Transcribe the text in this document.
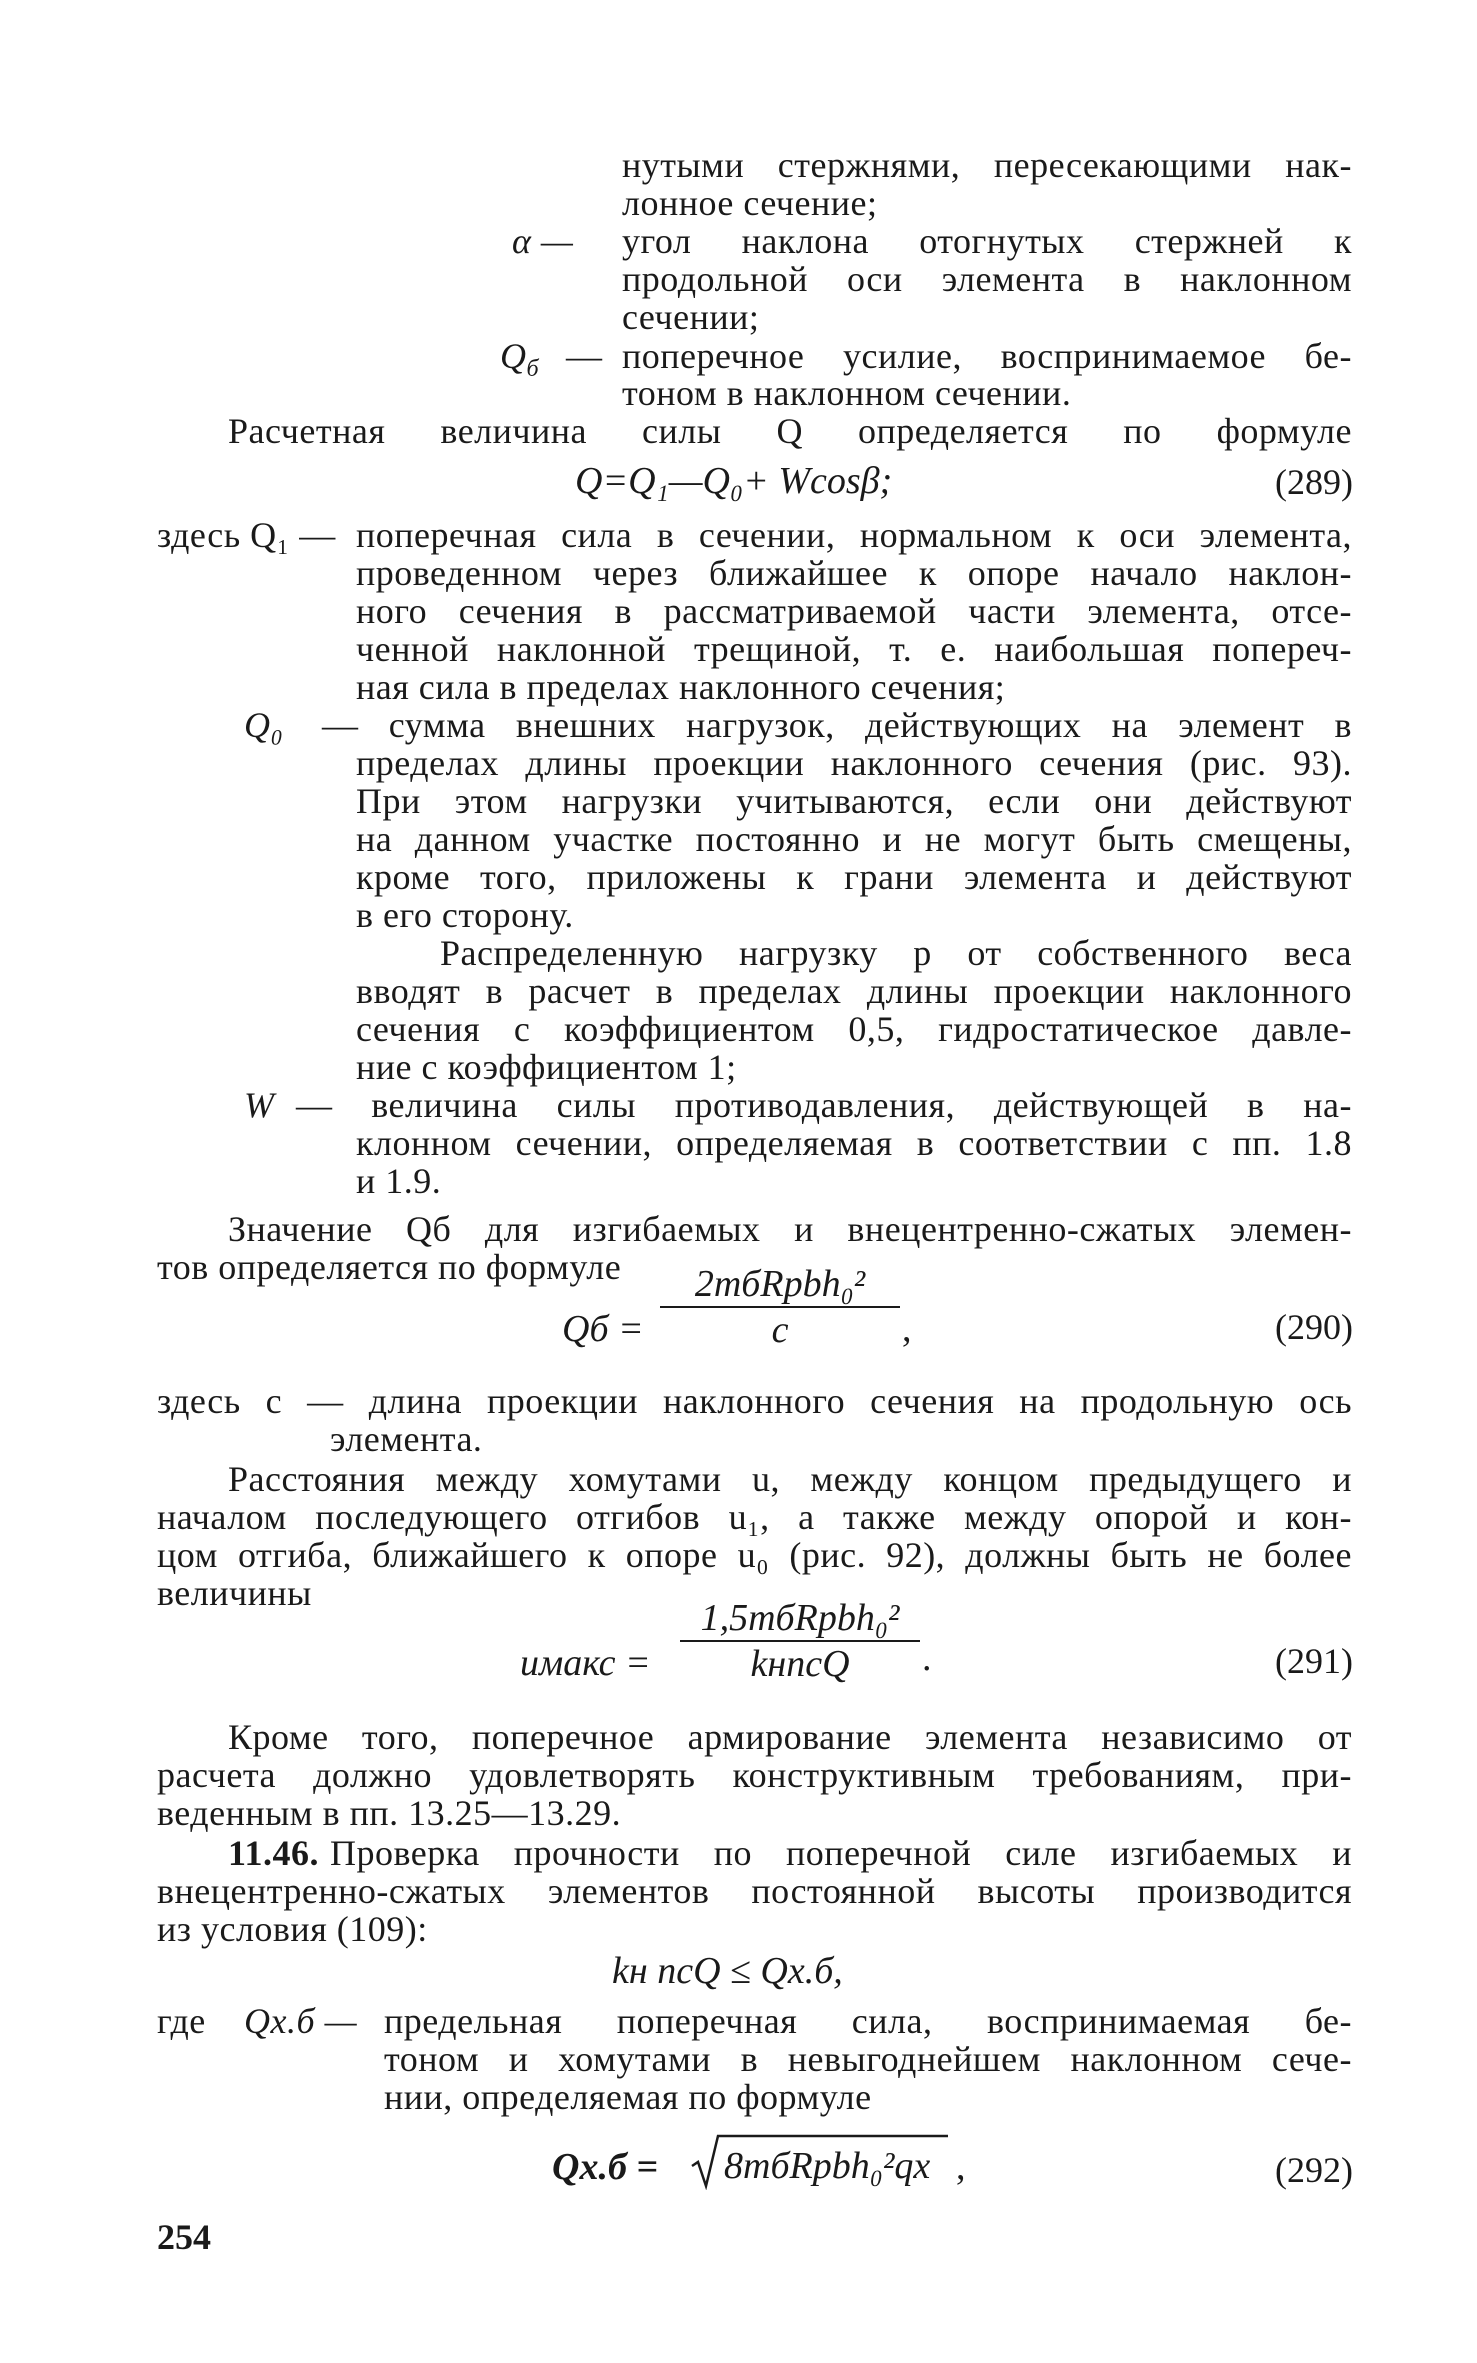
нутыми стержнями, пересекающими нак-
лонное сечение;
α — угол наклона отогнутых стержней к
продольной оси элемента в наклонном
сечении;
$Q_б$ — поперечное усилие, воспринимаемое бе-
тоном в наклонном сечении.
Расчетная величина силы Q определяется по формуле
Q=Q₁—Q₀+ Wcosβ;	(289)
здесь Q₁ — поперечная сила в сечении, нормальном к оси элемента,
проведенном через ближайшее к опоре начало наклон-
ного сечения в рассматриваемой части элемента, отсе-
ченной наклонной трещиной, т. е. наибольшая попереч-
ная сила в пределах наклонного сечения;
Q₀ — сумма внешних нагрузок, действующих на элемент в
пределах длины проекции наклонного сечения (рис. 93).
При этом нагрузки учитываются, если они действуют
на данном участке постоянно и не могут быть смещены,
кроме того, приложены к грани элемента и действуют
в его сторону.
Распределенную нагрузку p от собственного веса
вводят в расчет в пределах длины проекции наклонного
сечения с коэффициентом 0,5, гидростатическое давле-
ние с коэффициентом 1;
W — величина силы противодавления, действующей в на-
клонном сечении, определяемая в соответствии с пп. 1.8
и 1.9.
Значение Qб для изгибаемых и внецентренно-сжатых элемен-
тов определяется по формуле
Qб =
2mбRpbh₀²
c	,	(290)
здесь c — длина проекции наклонного сечения на продольную ось
элемента.
Расстояния между хомутами u, между концом предыдущего и
началом последующего отгибов u₁, а также между опорой и кон-
цом отгиба, ближайшего к опоре u₀ (рис. 92), должны быть не более
величины
uмакс =
1,5mбRpbh₀²
kнncQ	.	(291)
Кроме того, поперечное армирование элемента независимо от
расчета должно удовлетворять конструктивным требованиям, при-
веденным в пп. 13.25—13.29.
11.46. Проверка прочности по поперечной силе изгибаемых и
внецентренно-сжатых элементов постоянной высоты производится
из условия (109):
kн ncQ ≤ Qх.б,
где Qх.б — предельная поперечная сила, воспринимаемая бе-
тоном и хомутами в невыгоднейшем наклонном сече-
нии, определяемая по формуле
Qх.б = 8mбRpbh₀²qх ,	(292)
254
